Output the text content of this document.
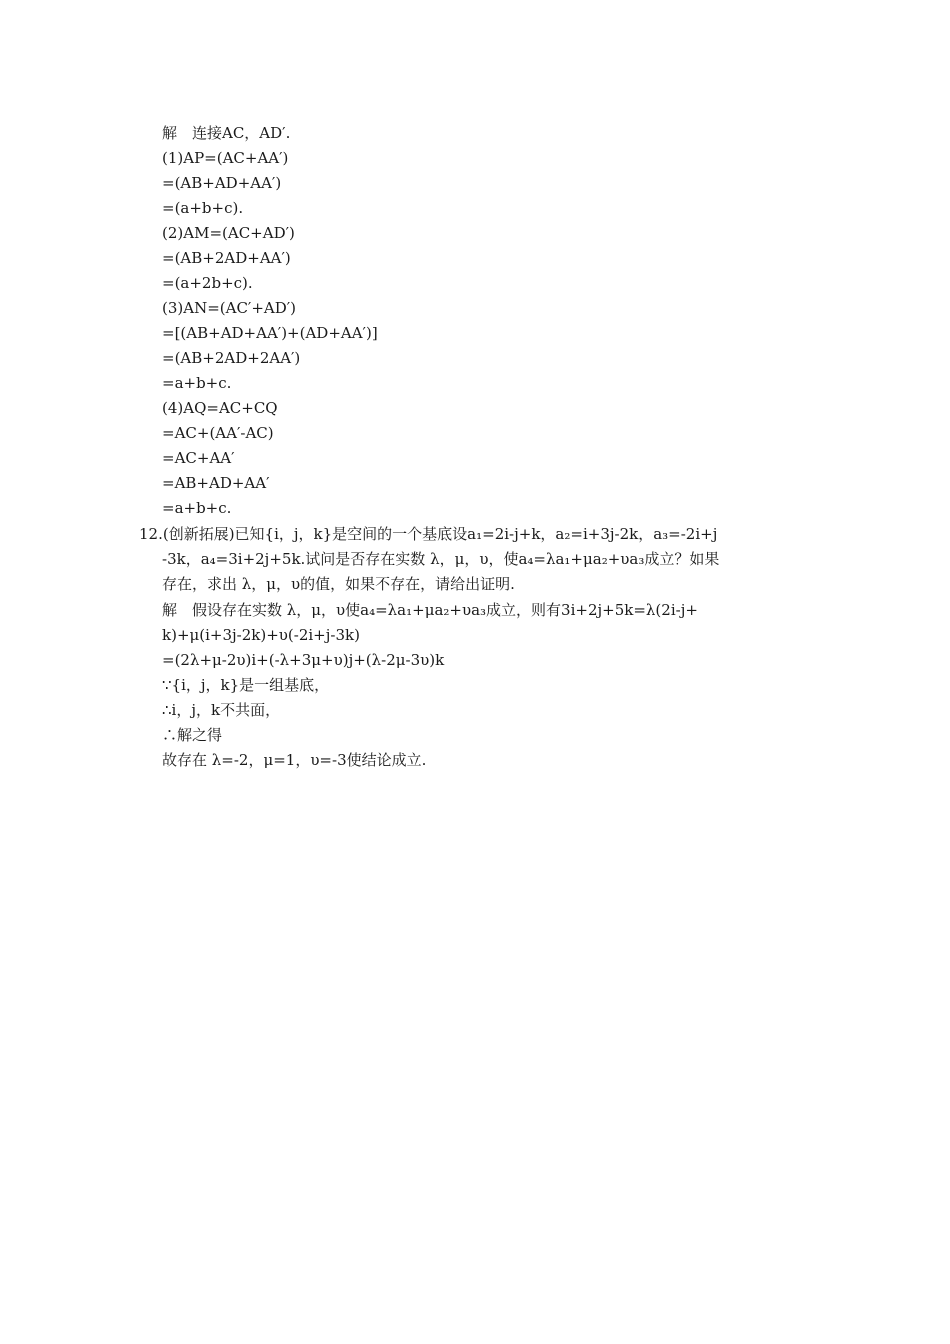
解　连接AC，AD′.
(1)AP=(AC+AA′)
=(AB+AD+AA′)
=(a+b+c).
(2)AM=(AC+AD′)
=(AB+2AD+AA′)
=(a+2b+c).
(3)AN=(AC′+AD′)
=[(AB+AD+AA′)+(AD+AA′)]
=(AB+2AD+2AA′)
=a+b+c.
(4)AQ=AC+CQ
=AC+(AA′-AC)
=AC+AA′
=AB+AD+AA′
=a+b+c.
12.(创新拓展)已知{i，j，k}是空间的一个基底设a₁=2i-j+k，a₂=i+3j-2k，a₃=-2i+j
-3k，a₄=3i+2j+5k.试问是否存在实数 λ，μ，υ，使a₄=λa₁+μa₂+υa₃成立？如果
存在，求出 λ，μ，υ的值，如果不存在，请给出证明.
解　假设存在实数 λ，μ，υ使a₄=λa₁+μa₂+υa₃成立，则有3i+2j+5k=λ(2i-j+
k)+μ(i+3j-2k)+υ(-2i+j-3k)
=(2λ+μ-2υ)i+(-λ+3μ+υ)j+(λ-2μ-3υ)k
∵{i，j，k}是一组基底，
∴i，j，k不共面，
∴解之得
故存在 λ=-2，μ=1，υ=-3使结论成立.
